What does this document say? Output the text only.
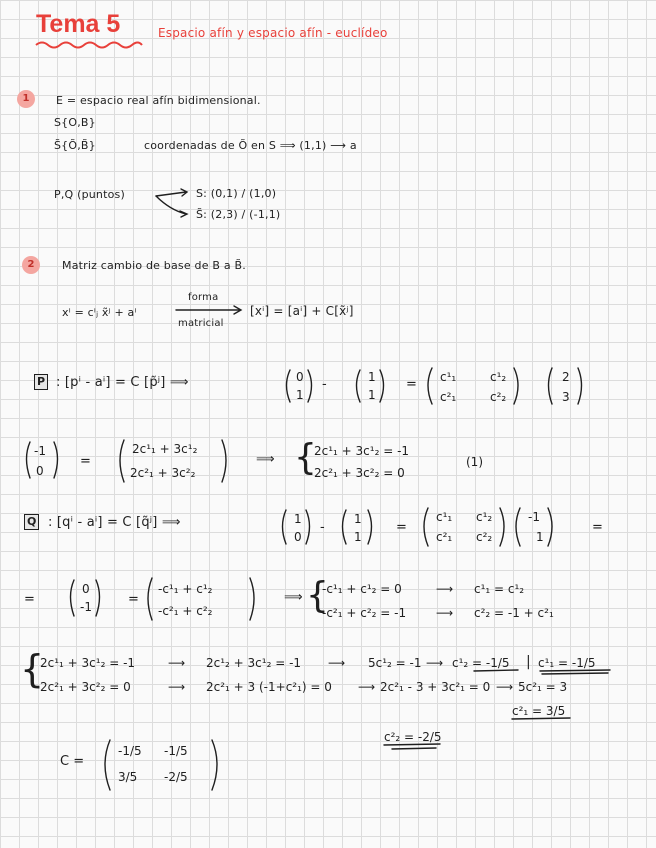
Tema 5	Espacio afín y espacio afín - euclídeo
1	E = espacio real afín bidimensional.
S{O,B}
S̃{Õ,B̃}	coordenadas de Õ en S ⟹ (1,1) ⟶ a
P,Q (puntos)	S: (0,1) / (1,0)
S̃: (2,3) / (-1,1)
2	Matriz cambio de base de B a B̃.
xⁱ = cⁱⱼ x̃ʲ + aⁱ
forma
matricial
[xⁱ] = [aⁱ] + C[x̃ʲ]
P : [pⁱ - aⁱ] = C [p̃ʲ] ⟹	0
1
-	1
1
= c¹₁	c¹₂
c²₁	c²₂
2
3
-1
0
=
2c¹₁ + 3c¹₂
2c²₁ + 3c²₂
⟹ {
2c¹₁ + 3c¹₂ = -1
2c²₁ + 3c²₂ = 0
(1)
Q : [qⁱ - aⁱ] = C [q̃ʲ] ⟹	1
0
-
1
1
=
c¹₁ c¹₂
c²₁ c²₂
-1
1
=
=
0
-1	=
-c¹₁ + c¹₂
-c²₁ + c²₂
⟹ {
-c¹₁ + c¹₂ = 0	⟶ c¹₁ = c¹₂
-c²₁ + c²₂ = -1 ⟶ c²₂ = -1 + c²₁
{
2c¹₁ + 3c¹₂ = -1	⟶ 2c¹₂ + 3c¹₂ = -1 ⟶ 5c¹₂ = -1 ⟶ c¹₂ = -1/5 | c¹₁ = -1/5
2c²₁ + 3c²₂ = 0	⟶ 2c²₁ + 3 (-1+c²₁) = 0 ⟶ 2c²₁ - 3 + 3c²₁ = 0 ⟶ 5c²₁ = 3
c²₁ = 3/5
c²₂ = -2/5
C =
-1/5 -1/5
3/5 -2/5
